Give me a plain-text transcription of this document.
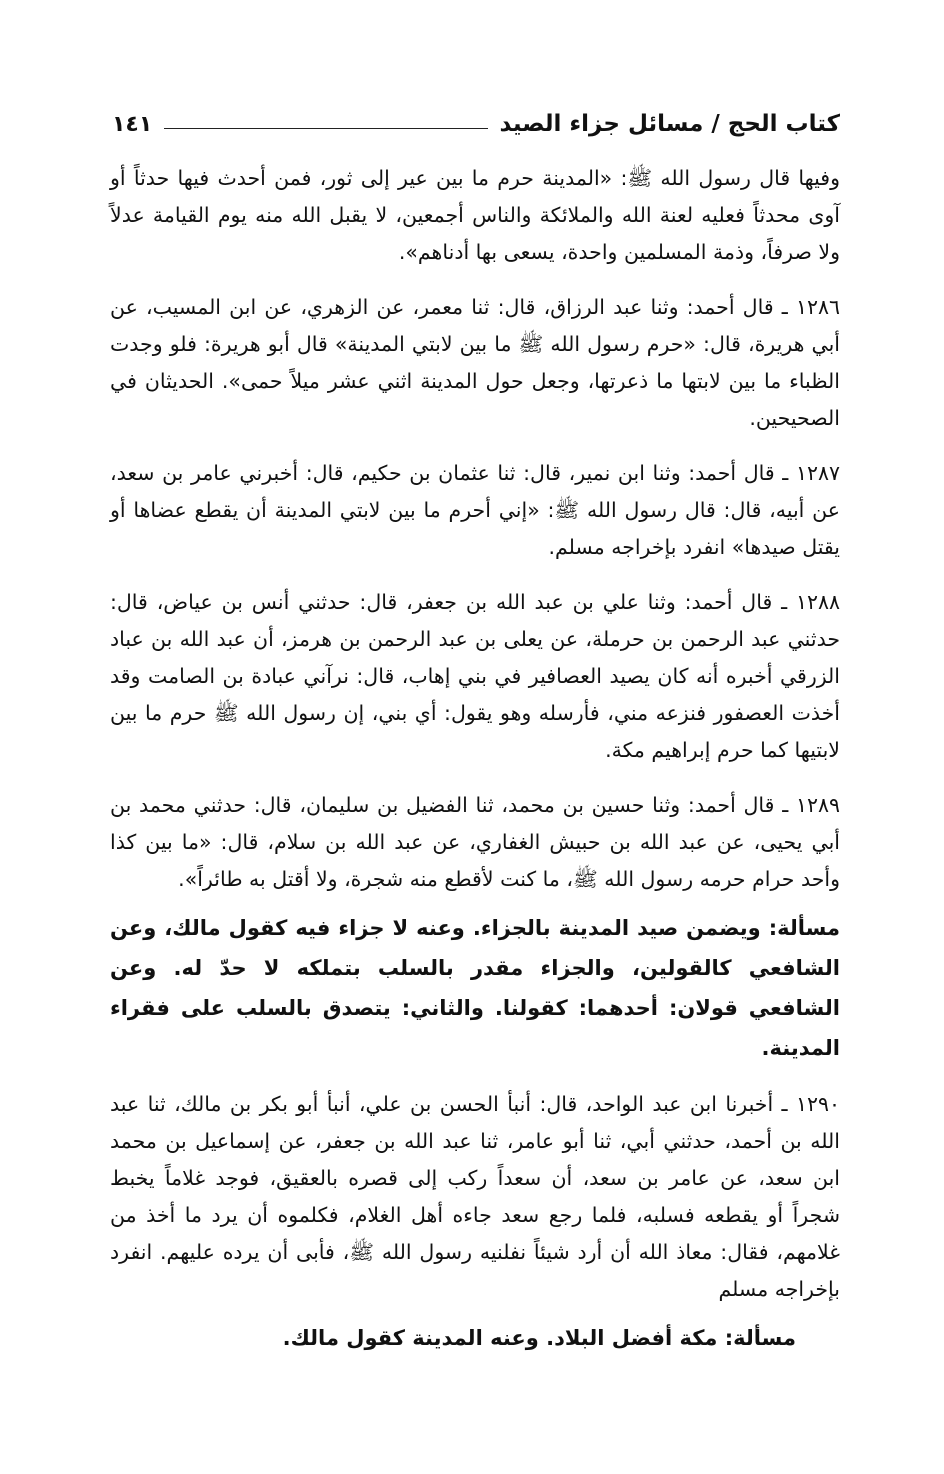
كتاب الحج / مسائل جزاء الصيد
١٤١

وفيها قال رسول الله ﷺ: «المدينة حرم ما بين عير إلى ثور، فمن أحدث فيها حدثاً أو آوى محدثاً فعليه لعنة الله والملائكة والناس أجمعين، لا يقبل الله منه يوم القيامة عدلاً ولا صرفاً، وذمة المسلمين واحدة، يسعى بها أدناهم».

١٢٨٦ ـ قال أحمد: وثنا عبد الرزاق، قال: ثنا معمر، عن الزهري، عن ابن المسيب، عن أبي هريرة، قال: «حرم رسول الله ﷺ ما بين لابتي المدينة» قال أبو هريرة: فلو وجدت الظباء ما بين لابتها ما ذعرتها، وجعل حول المدينة اثني عشر ميلاً حمى». الحديثان في الصحيحين.

١٢٨٧ ـ قال أحمد: وثنا ابن نمير، قال: ثنا عثمان بن حكيم، قال: أخبرني عامر بن سعد، عن أبيه، قال: قال رسول الله ﷺ: «إني أحرم ما بين لابتي المدينة أن يقطع عضاها أو يقتل صيدها» انفرد بإخراجه مسلم.

١٢٨٨ ـ قال أحمد: وثنا علي بن عبد الله بن جعفر، قال: حدثني أنس بن عياض، قال: حدثني عبد الرحمن بن حرملة، عن يعلى بن عبد الرحمن بن هرمز، أن عبد الله بن عباد الزرقي أخبره أنه كان يصيد العصافير في بني إهاب، قال: نرآني عبادة بن الصامت وقد أخذت العصفور فنزعه مني، فأرسله وهو يقول: أي بني، إن رسول الله ﷺ حرم ما بين لابتيها كما حرم إبراهيم مكة.

١٢٨٩ ـ قال أحمد: وثنا حسين بن محمد، ثنا الفضيل بن سليمان، قال: حدثني محمد بن أبي يحيى، عن عبد الله بن حبيش الغفاري، عن عبد الله بن سلام، قال: «ما بين كذا وأحد حرام حرمه رسول الله ﷺ، ما كنت لأقطع منه شجرة، ولا أقتل به طائراً».

مسألة: ويضمن صيد المدينة بالجزاء. وعنه لا جزاء فيه كقول مالك، وعن الشافعي كالقولين، والجزاء مقدر بالسلب بتملكه لا حدّ له. وعن الشافعي قولان: أحدهما: كقولنا. والثاني: يتصدق بالسلب على فقراء المدينة.

١٢٩٠ ـ أخبرنا ابن عبد الواحد، قال: أنبأ الحسن بن علي، أنبأ أبو بكر بن مالك، ثنا عبد الله بن أحمد، حدثني أبي، ثنا أبو عامر، ثنا عبد الله بن جعفر، عن إسماعيل بن محمد ابن سعد، عن عامر بن سعد، أن سعداً ركب إلى قصره بالعقيق، فوجد غلاماً يخبط شجراً أو يقطعه فسلبه، فلما رجع سعد جاءه أهل الغلام، فكلموه أن يرد ما أخذ من غلامهم، فقال: معاذ الله أن أرد شيئاً نفلنيه رسول الله ﷺ، فأبى أن يرده عليهم. انفرد بإخراجه مسلم

مسألة: مكة أفضل البلاد. وعنه المدينة كقول مالك.
